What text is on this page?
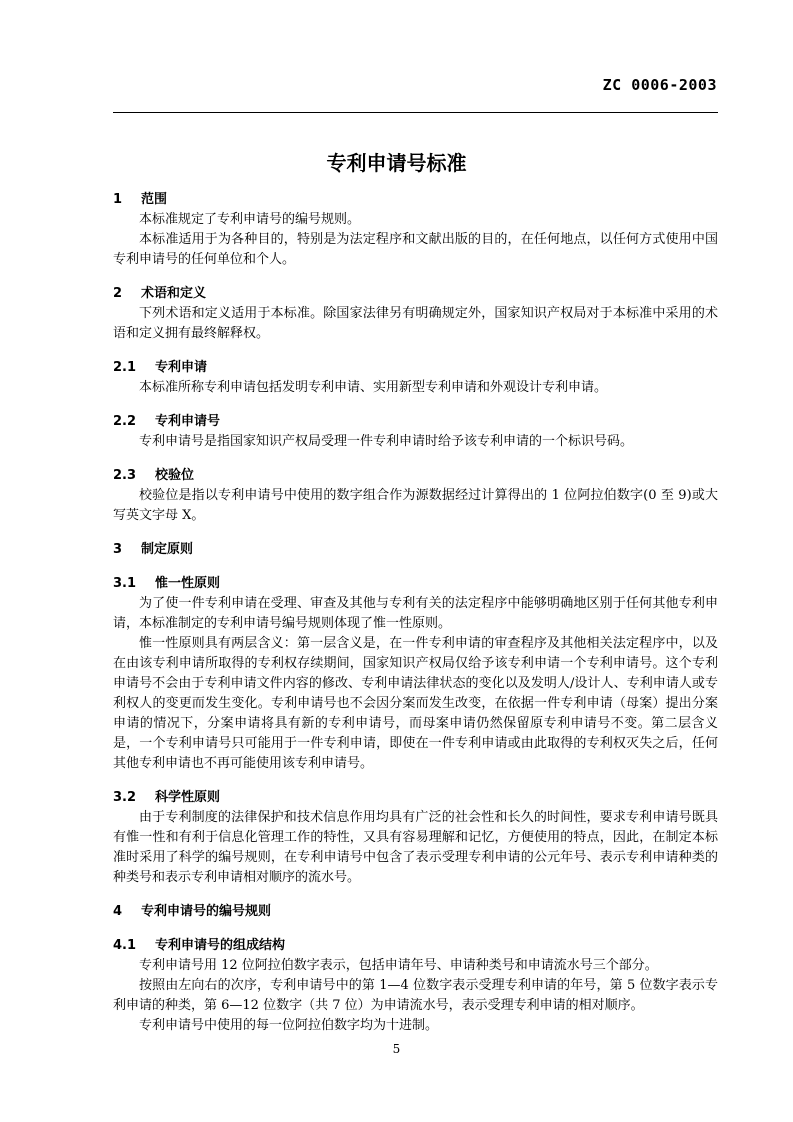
ZC 0006-2003
专利申请号标准
1 范围

本标准规定了专利申请号的编号规则。

本标准适用于为各种目的，特别是为法定程序和文献出版的目的，在任何地点，以任何方式使用中国专利申请号的任何单位和个人。

2 术语和定义

下列术语和定义适用于本标准。除国家法律另有明确规定外，国家知识产权局对于本标准中采用的术语和定义拥有最终解释权。

2.1 专利申请

本标准所称专利申请包括发明专利申请、实用新型专利申请和外观设计专利申请。

2.2 专利申请号

专利申请号是指国家知识产权局受理一件专利申请时给予该专利申请的一个标识号码。

2.3 校验位

校验位是指以专利申请号中使用的数字组合作为源数据经过计算得出的 1 位阿拉伯数字(0 至 9)或大写英文字母 X。

3 制定原则
3.1 惟一性原则

为了使一件专利申请在受理、审查及其他与专利有关的法定程序中能够明确地区别于任何其他专利申请，本标准制定的专利申请号编号规则体现了惟一性原则。

惟一性原则具有两层含义：第一层含义是，在一件专利申请的审查程序及其他相关法定程序中，以及在由该专利申请所取得的专利权存续期间，国家知识产权局仅给予该专利申请一个专利申请号。这个专利申请号不会由于专利申请文件内容的修改、专利申请法律状态的变化以及发明人/设计人、专利申请人或专利权人的变更而发生变化。专利申请号也不会因分案而发生改变，在依据一件专利申请（母案）提出分案申请的情况下，分案申请将具有新的专利申请号，而母案申请仍然保留原专利申请号不变。第二层含义是，一个专利申请号只可能用于一件专利申请，即使在一件专利申请或由此取得的专利权灭失之后，任何其他专利申请也不再可能使用该专利申请号。

3.2 科学性原则

由于专利制度的法律保护和技术信息作用均具有广泛的社会性和长久的时间性，要求专利申请号既具有惟一性和有利于信息化管理工作的特性，又具有容易理解和记忆，方便使用的特点，因此，在制定本标准时采用了科学的编号规则，在专利申请号中包含了表示受理专利申请的公元年号、表示专利申请种类的种类号和表示专利申请相对顺序的流水号。

4 专利申请号的编号规则
4.1 专利申请号的组成结构

专利申请号用 12 位阿拉伯数字表示，包括申请年号、申请种类号和申请流水号三个部分。

按照由左向右的次序，专利申请号中的第 1—4 位数字表示受理专利申请的年号，第 5 位数字表示专利申请的种类，第 6—12 位数字（共 7 位）为申请流水号，表示受理专利申请的相对顺序。

专利申请号中使用的每一位阿拉伯数字均为十进制。

5
